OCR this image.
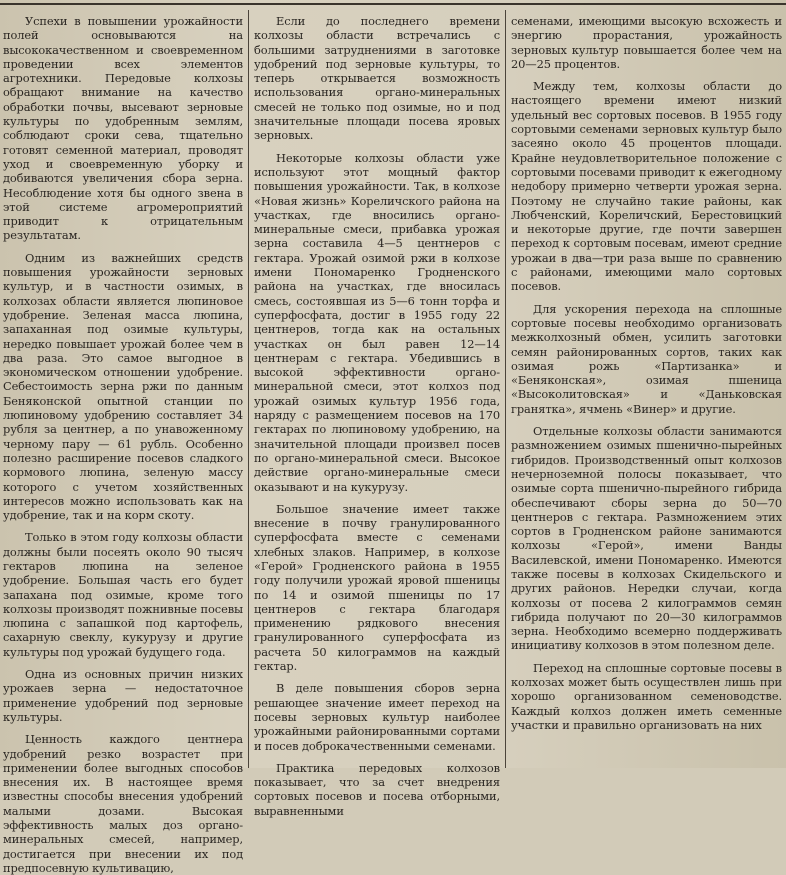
Успехи в повышении урожайности полей основываются на высококачественном и своевременном проведении всех элементов агротехники. Передовые колхозы обращают внимание на качество обработки почвы, высевают зерновые культуры по удобренным землям, соблюдают сроки сева, тщательно готовят семенной материал, проводят уход и своевременную уборку и добиваются увеличения сбора зерна. Несоблюдение хотя бы одного звена в этой системе агромероприятий приводит к отрицательным результатам.

Одним из важнейших средств повышения урожайности зерновых культур, и в частности озимых, в колхозах области является люпиновое удобрение. Зеленая масса люпина, запаханная под озимые культуры, нередко повышает урожай более чем в два раза. Это самое выгодное в экономическом отношении удобрение. Себестоимость зерна ржи по данным Беняконской опытной станции по люпиновому удобрению составляет 34 рубля за центнер, а по унавоженному черному пару — 61 рубль. Особенно полезно расширение посевов сладкого кормового люпина, зеленую массу которого с учетом хозяйственных интересов можно использовать как на удобрение, так и на корм скоту.

Только в этом году колхозы области должны были посеять около 90 тысяч гектаров люпина на зеленое удобрение. Большая часть его будет запахана под озимые, кроме того колхозы производят пожнивные посевы люпина с запашкой под картофель, сахарную свеклу, кукурузу и другие культуры под урожай будущего года.

Одна из основных причин низких урожаев зерна — недостаточное применение удобрений под зерновые культуры.

Ценность каждого центнера удобрений резко возрастет при применении более выгодных способов внесения их. В настоящее время известны способы внесения удобрений малыми дозами. Высокая эффективность малых доз органо-минеральных смесей, например, достигается при внесении их под предпосевную культивацию,

Если до последнего времени колхозы области встречались с большими затруднениями в заготовке удобрений под зерновые культуры, то теперь открывается возможность использования органо-минеральных смесей не только под озимые, но и под значительные площади посева яровых зерновых.

Некоторые колхозы области уже используют этот мощный фактор повышения урожайности. Так, в колхозе «Новая жизнь» Кореличского района на участках, где вносились органо-минеральные смеси, прибавка урожая зерна составила 4—5 центнеров с гектара. Урожай озимой ржи в колхозе имени Пономаренко Гродненского района на участках, где вносилась смесь, состоявшая из 5—6 тонн торфа и суперфосфата, достиг в 1955 году 22 центнеров, тогда как на остальных участках он был равен 12—14 центнерам с гектара. Убедившись в высокой эффективности органо-минеральной смеси, этот колхоз под урожай озимых культур 1956 года, наряду с размещением посевов на 170 гектарах по люпиновому удобрению, на значительной площади произвел посев по органо-минеральной смеси. Высокое действие органо-минеральные смеси оказывают и на кукурузу.

Большое значение имеет также внесение в почву гранулированного суперфосфата вместе с семенами хлебных злаков. Например, в колхозе «Герой» Гродненского района в 1955 году получили урожай яровой пшеницы по 14 и озимой пшеницы по 17 центнеров с гектара благодаря применению рядкового внесения гранулированного суперфосфата из расчета 50 килограммов на каждый гектар.

В деле повышения сборов зерна решающее значение имеет переход на посевы зерновых культур наиболее урожайными районированными сортами и посев доброкачественными семенами.

Практика передовых колхозов показывает, что за счет внедрения сортовых посевов и посева отборными, выравненными

семенами, имеющими высокую всхожесть и энергию прорастания, урожайность зерновых культур повышается более чем на 20—25 процентов.

Между тем, колхозы области до настоящего времени имеют низкий удельный вес сортовых посевов. В 1955 году сортовыми семенами зерновых культур было засеяно около 45 процентов площади. Крайне неудовлетворительное положение с сортовыми посевами приводит к ежегодному недобору примерно четверти урожая зерна. Поэтому не случайно такие районы, как Любченский, Кореличский, Берестовицкий и некоторые другие, где почти завершен переход к сортовым посевам, имеют средние урожаи в два—три раза выше по сравнению с районами, имеющими мало сортовых посевов.

Для ускорения перехода на сплошные сортовые посевы необходимо организовать межколхозный обмен, усилить заготовки семян районированных сортов, таких как озимая рожь «Партизанка» и «Беняконская», озимая пшеница «Высоколитовская» и «Даньковская гранятка», ячмень «Винер» и другие.

Отдельные колхозы области занимаются размножением озимых пшенично-пырейных гибридов. Производственный опыт колхозов нечерноземной полосы показывает, что озимые сорта пшенично-пырейного гибрида обеспечивают сборы зерна до 50—70 центнеров с гектара. Размножением этих сортов в Гродненском районе занимаются колхозы «Герой», имени Ванды Василевской, имени Пономаренко. Имеются также посевы в колхозах Скидельского и других районов. Нередки случаи, когда колхозы от посева 2 килограммов семян гибрида получают по 20—30 килограммов зерна. Необходимо всемерно поддерживать инициативу колхозов в этом полезном деле.

Переход на сплошные сортовые посевы в колхозах может быть осуществлен лишь при хорошо организованном семеноводстве. Каждый колхоз должен иметь семенные участки и правильно организовать на них
